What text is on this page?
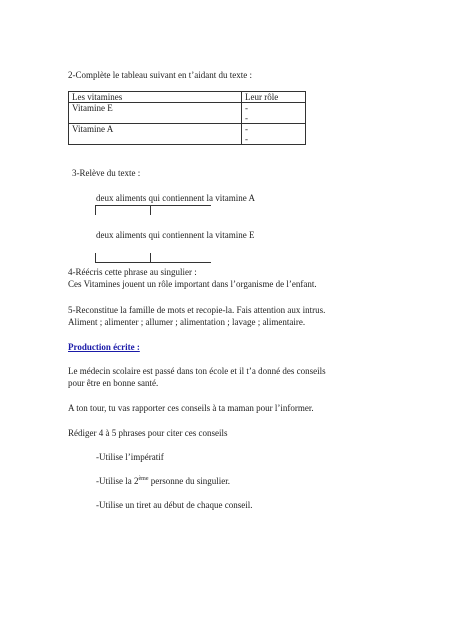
2-Complète le tableau suivant en t’aidant du texte :
Les vitamines	Leur rôle
Vitamine E	-
-

Vitamine A	-
-
3-Relève du texte :
deux aliments qui contiennent la vitamine A
deux aliments qui contiennent la vitamine E
4-Réécris cette phrase au singulier :
Ces Vitamines jouent un rôle important dans l’organisme de l’enfant.
5-Reconstitue la famille de mots et recopie-la. Fais attention aux intrus.
Aliment ; alimenter ; allumer ; alimentation ; lavage ; alimentaire.
Production écrite :
Le médecin scolaire est passé dans ton école et il t’a donné des conseils
pour être en bonne santé.
A ton tour, tu vas rapporter ces conseils à ta maman pour l’informer.
Rédiger 4 à 5 phrases pour citer ces conseils
-Utilise l’impératif
-Utilise la 2ème personne du singulier.
-Utilise un tiret au début de chaque conseil.
